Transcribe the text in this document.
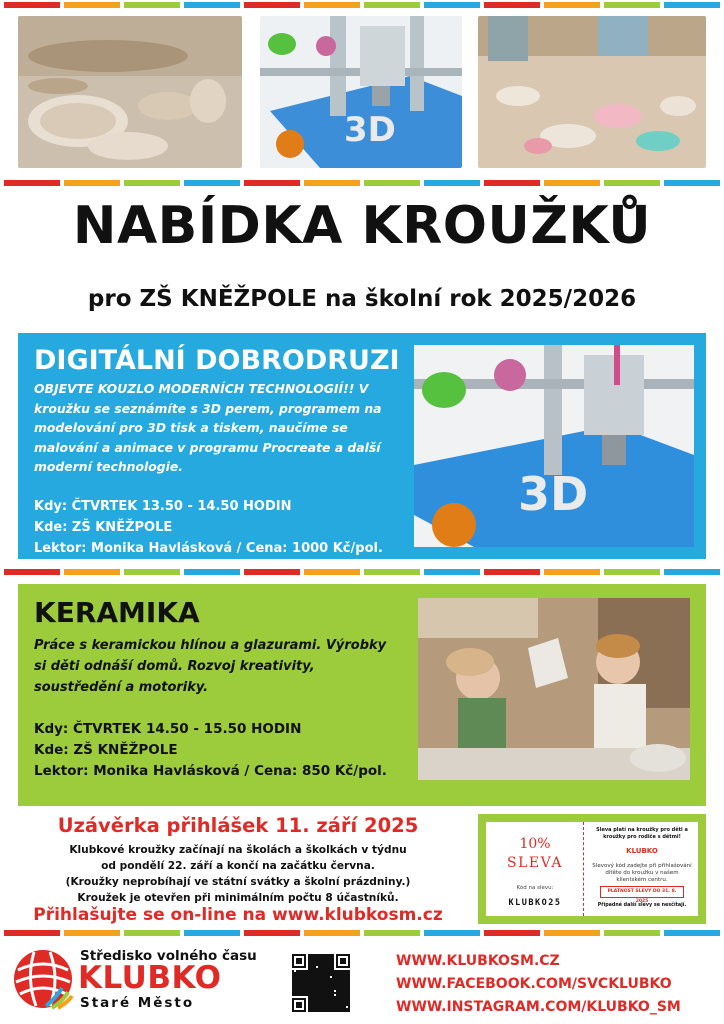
3D
NABÍDKA KROUŽKŮ
pro ZŠ KNĚŽPOLE na školní rok 2025/2026
DIGITÁLNÍ DOBRODRUZI
OBJEVTE KOUZLO MODERNÍCH TECHNOLOGIÍ!! V kroužku se seznámíte s 3D perem, programem na modelování pro 3D tisk a tiskem, naučíme se malování a animace v programu Procreate a další moderní technologie.
Kdy: ČTVRTEK 13.50 - 14.50 HODIN
Kde: ZŠ KNĚŽPOLE
Lektor: Monika Havlásková / Cena: 1000 Kč/pol.
3D
KERAMIKA
Práce s keramickou hlínou a glazurami. Výrobky si děti odnáší domů. Rozvoj kreativity, soustředění a motoriky.
Kdy: ČTVRTEK 14.50 - 15.50 HODIN
Kde: ZŠ KNĚŽPOLE
Lektor: Monika Havlásková / Cena: 850 Kč/pol.
Uzávěrka přihlášek 11. září 2025
Klubkové kroužky začínají na školách a školkách v týdnu
od pondělí 22. září a končí na začátku června.
(Kroužky neprobíhají ve státní svátky a školní prázdniny.)
Kroužek je otevřen při minimálním počtu 8 účastníků.
Přihlašujte se on-line na www.klubkosm.cz
10%
SLEVA
Kód na slevu:
KLUBKO25
Sleva platí na kroužky pro děti a kroužky pro rodiče s dětmi!
KLUBKO
Slevový kód zadejte při přihlašování dítěte do kroužku v našem klientském centru.
PLATNOST SLEVY DO 31. 8. 2025
Případné další slevy se nesčítají.
Středisko volného času
KLUBKO
Staré Město
WWW.KLUBKOSM.CZ
WWW.FACEBOOK.COM/SVCKLUBKO
WWW.INSTAGRAM.COM/KLUBKO_SM
